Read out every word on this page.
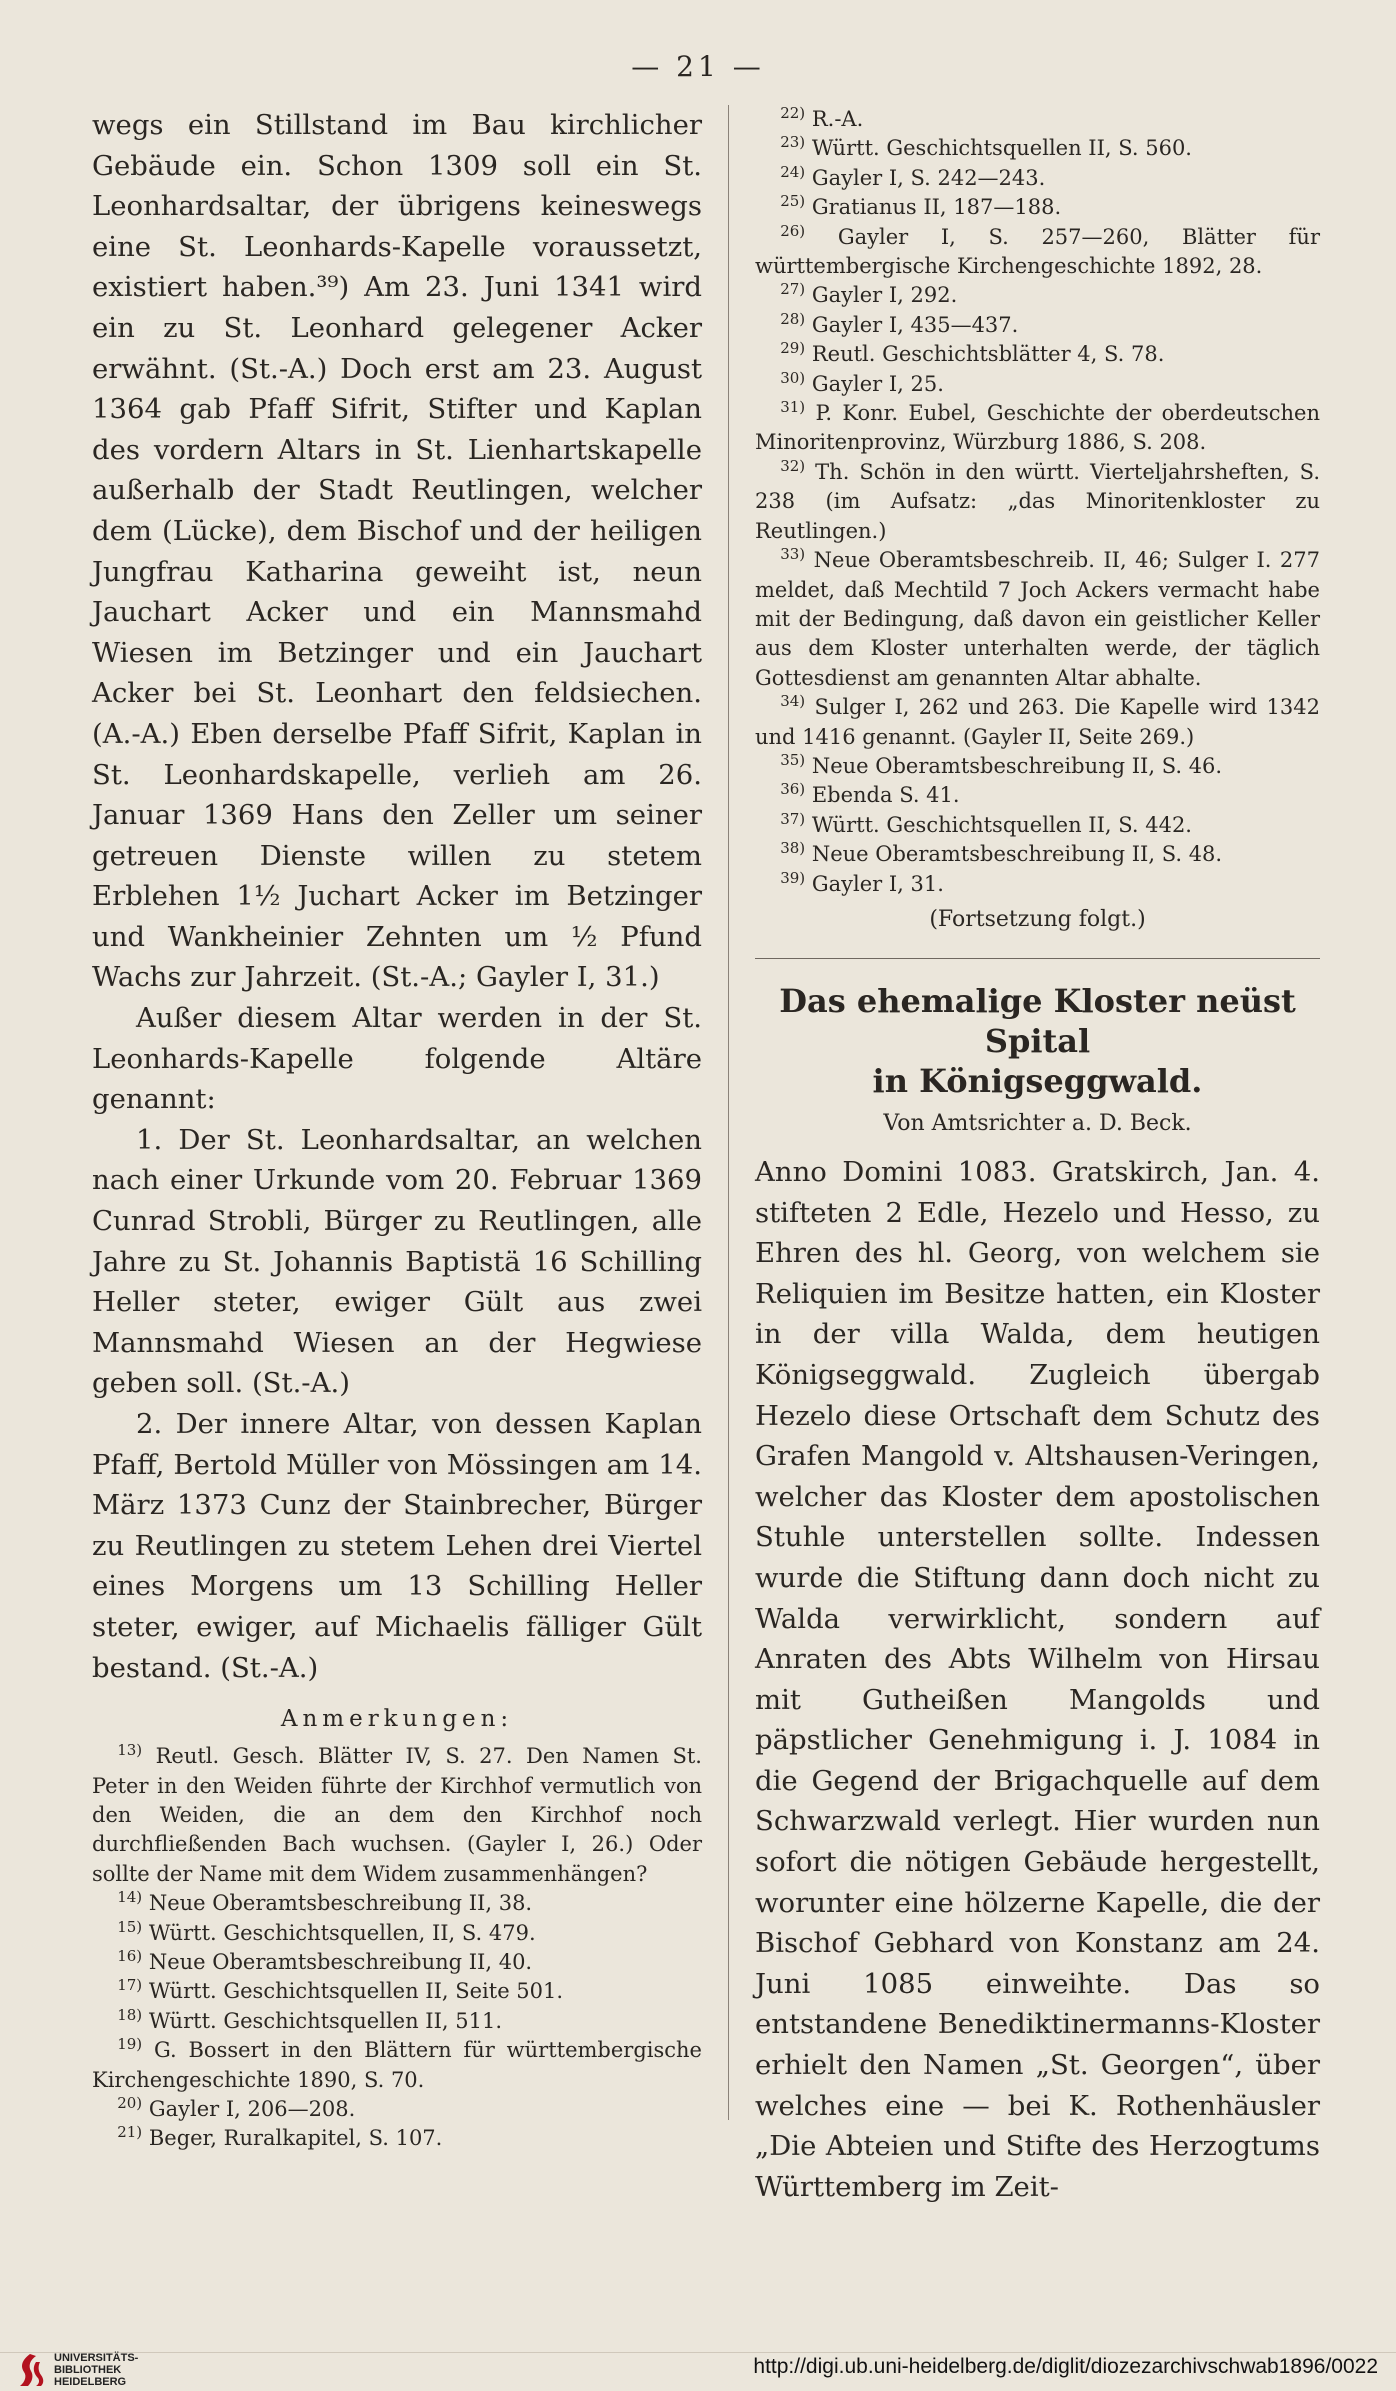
— 21 —

wegs ein Stillstand im Bau kirchlicher Gebäude ein. Schon 1309 soll ein St. Leonhardsaltar, der übrigens keineswegs eine St. Leonhards-Kapelle voraussetzt, existiert haben.³⁹) Am 23. Juni 1341 wird ein zu St. Leonhard gelegener Acker erwähnt. (St.-A.) Doch erst am 23. August 1364 gab Pfaff Sifrit, Stifter und Kaplan des vordern Altars in St. Lienhartskapelle außerhalb der Stadt Reutlingen, welcher dem (Lücke), dem Bischof und der heiligen Jungfrau Katharina geweiht ist, neun Jauchart Acker und ein Mannsmahd Wiesen im Betzinger und ein Jauchart Acker bei St. Leonhart den feldsiechen. (A.-A.) Eben derselbe Pfaff Sifrit, Kaplan in St. Leonhardskapelle, verlieh am 26. Januar 1369 Hans den Zeller um seiner getreuen Dienste willen zu stetem Erblehen 1½ Juchart Acker im Betzinger und Wankheinier Zehnten um ½ Pfund Wachs zur Jahrzeit. (St.-A.; Gayler I, 31.)

Außer diesem Altar werden in der St. Leonhards-Kapelle folgende Altäre genannt:

1. Der St. Leonhardsaltar, an welchen nach einer Urkunde vom 20. Februar 1369 Cunrad Strobli, Bürger zu Reutlingen, alle Jahre zu St. Johannis Baptistä 16 Schilling Heller steter, ewiger Gült aus zwei Mannsmahd Wiesen an der Hegwiese geben soll. (St.-A.)

2. Der innere Altar, von dessen Kaplan Pfaff, Bertold Müller von Mössingen am 14. März 1373 Cunz der Stainbrecher, Bürger zu Reutlingen zu stetem Lehen drei Viertel eines Morgens um 13 Schilling Heller steter, ewiger, auf Michaelis fälliger Gült bestand. (St.-A.)

Anmerkungen:

$^{13)}$ Reutl. Gesch. Blätter IV, S. 27. Den Namen St. Peter in den Weiden führte der Kirchhof vermutlich von den Weiden, die an dem den Kirchhof noch durchfließenden Bach wuchsen. (Gayler I, 26.) Oder sollte der Name mit dem Widem zusammenhängen?

$^{14)}$ Neue Oberamtsbeschreibung II, 38.

$^{15)}$ Württ. Geschichtsquellen, II, S. 479.

$^{16)}$ Neue Oberamtsbeschreibung II, 40.

$^{17)}$ Württ. Geschichtsquellen II, Seite 501.

$^{18)}$ Württ. Geschichtsquellen II, 511.

$^{19)}$ G. Bossert in den Blättern für württembergische Kirchengeschichte 1890, S. 70.

$^{20)}$ Gayler I, 206—208.

$^{21)}$ Beger, Ruralkapitel, S. 107.

$^{22)}$ R.-A.

$^{23)}$ Württ. Geschichtsquellen II, S. 560.

$^{24)}$ Gayler I, S. 242—243.

$^{25)}$ Gratianus II, 187—188.

$^{26)}$ Gayler I, S. 257—260, Blätter für württembergische Kirchengeschichte 1892, 28.

$^{27)}$ Gayler I, 292.

$^{28)}$ Gayler I, 435—437.

$^{29)}$ Reutl. Geschichtsblätter 4, S. 78.

$^{30)}$ Gayler I, 25.

$^{31)}$ P. Konr. Eubel, Geschichte der oberdeutschen Minoritenprovinz, Würzburg 1886, S. 208.

$^{32)}$ Th. Schön in den württ. Vierteljahrsheften, S. 238 (im Aufsatz: „das Minoritenkloster zu Reutlingen.)

$^{33)}$ Neue Oberamtsbeschreib. II, 46; Sulger I. 277 meldet, daß Mechtild 7 Joch Ackers vermacht habe mit der Bedingung, daß davon ein geistlicher Keller aus dem Kloster unterhalten werde, der täglich Gottesdienst am genannten Altar abhalte.

$^{34)}$ Sulger I, 262 und 263. Die Kapelle wird 1342 und 1416 genannt. (Gayler II, Seite 269.)

$^{35)}$ Neue Oberamtsbeschreibung II, S. 46.

$^{36)}$ Ebenda S. 41.

$^{37)}$ Württ. Geschichtsquellen II, S. 442.

$^{38)}$ Neue Oberamtsbeschreibung II, S. 48.

$^{39)}$ Gayler I, 31.

(Fortsetzung folgt.)

Das ehemalige Kloster neüst Spital
in Königseggwald.

Von Amtsrichter a. D. Beck.

Anno Domini 1083. Gratskirch, Jan. 4. stifteten 2 Edle, Hezelo und Hesso, zu Ehren des hl. Georg, von welchem sie Reliquien im Besitze hatten, ein Kloster in der villa Walda, dem heutigen Königseggwald. Zugleich übergab Hezelo diese Ortschaft dem Schutz des Grafen Mangold v. Altshausen-Veringen, welcher das Kloster dem apostolischen Stuhle unterstellen sollte. Indessen wurde die Stiftung dann doch nicht zu Walda verwirklicht, sondern auf Anraten des Abts Wilhelm von Hirsau mit Gutheißen Mangolds und päpstlicher Genehmigung i. J. 1084 in die Gegend der Brigachquelle auf dem Schwarzwald verlegt. Hier wurden nun sofort die nötigen Gebäude hergestellt, worunter eine hölzerne Kapelle, die der Bischof Gebhard von Konstanz am 24. Juni 1085 einweihte. Das so entstandene Benediktinermanns-Kloster erhielt den Namen „St. Georgen“, über welches eine — bei K. Rothenhäusler „Die Abteien und Stifte des Herzogtums Württemberg im Zeit-

UNIVERSITÄTS-
BIBLIOTHEK
HEIDELBERG
http://digi.ub.uni-heidelberg.de/diglit/diozezarchivschwab1896/0022
